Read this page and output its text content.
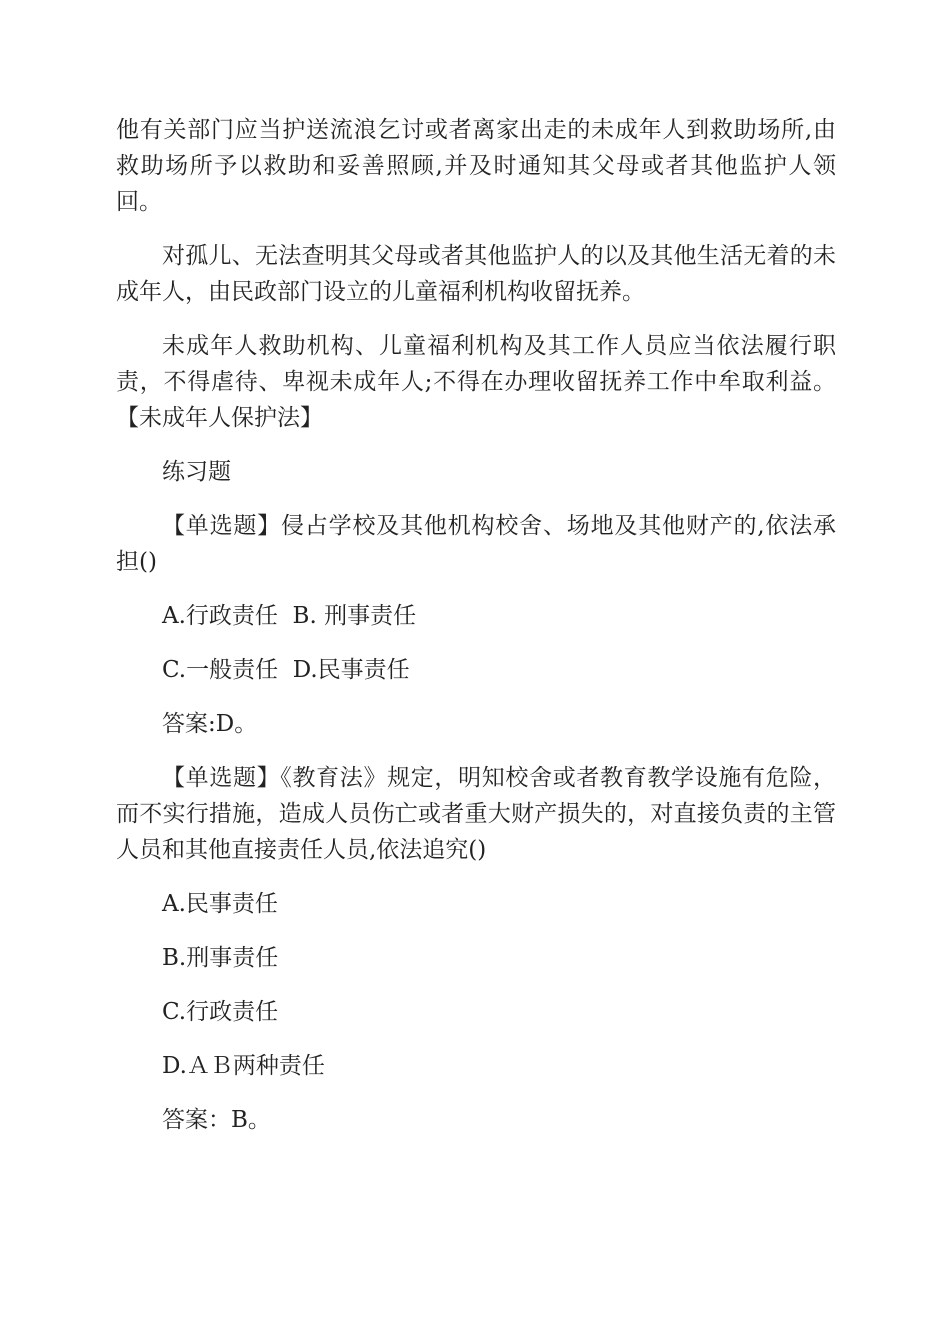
他有关部门应当护送流浪乞讨或者离家出走的未成年人到救助场所,由救助场所予以救助和妥善照顾,并及时通知其父母或者其他监护人领回。

对孤儿、无法查明其父母或者其他监护人的以及其他生活无着的未成年人，由民政部门设立的儿童福利机构收留抚养。

未成年人救助机构、儿童福利机构及其工作人员应当依法履行职责，不得虐待、卑视未成年人;不得在办理收留抚养工作中牟取利益。【未成年人保护法】

练习题

【单选题】侵占学校及其他机构校舍、场地及其他财产的,依法承担()

A.行政责任  B. 刑事责任

C.一般责任  D.民事责任

答案:D。

【单选题】《教育法》规定，明知校舍或者教育教学设施有危险，而不实行措施，造成人员伤亡或者重大财产损失的，对直接负责的主管人员和其他直接责任人员,依法追究()

A.民事责任

B.刑事责任

C.行政责任

D.ＡＢ两种责任

答案：B。
